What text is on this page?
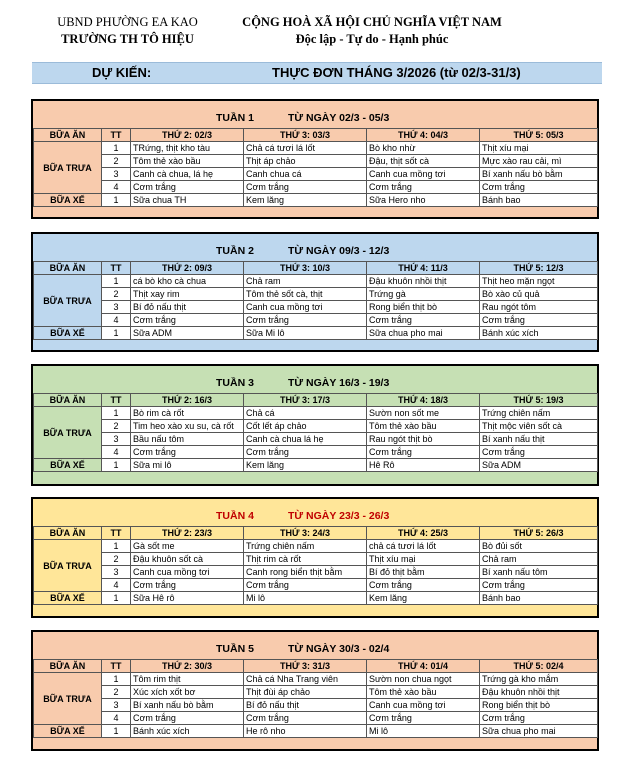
UBND PHƯỜNG EA KAO
TRƯỜNG TH TÔ HIỆU
CỘNG HOÀ XÃ HỘI CHỦ NGHĨA VIỆT NAM
Độc lập - Tự do - Hạnh phúc
DỰ KIẾN:	THỰC ĐƠN THÁNG 3/2026 (từ 02/3-31/3)
TUẦN 1	TỪ NGÀY 02/3 - 05/3
BỮA ĂN	TT	THỨ 2: 02/3	THỨ 3: 03/3	THỨ 4: 04/3	THỨ 5: 05/3
BỮA TRƯA	1	TRứng, thịt kho tàu	Chả cá tươi lá lốt	Bò kho nhừ	Thịt xíu mại
	2	Tôm thẻ xào bầu	Thịt áp chảo	Đậu, thịt sốt cà	Mực xào rau cải, mì
	3	Canh cà chua, lá hẹ	Canh chua cá	Canh cua mồng tơi	Bí xanh nấu bò bằm
	4	Cơm trắng	Cơm trắng	Cơm trắng	Cơm trắng
BỮA XẾ	1	Sữa chua TH	Kem lăng	Sữa Hero nho	Bánh bao
TUẦN 2	TỪ NGÀY 09/3 - 12/3
BỮA ĂN	TT	THỨ 2: 09/3	THỨ 3: 10/3	THỨ 4: 11/3	THỨ 5: 12/3
BỮA TRƯA	1	cá bò kho cà chua	Chả ram	Đậu khuôn nhồi thịt	Thịt heo mặn ngọt
	2	Thịt xay rim	Tôm thẻ sốt cà, thịt	Trứng gà	Bò xào củ quả
	3	Bí đỏ nấu thịt	Canh cua mồng tơi	Rong biển thịt bò	Rau ngót tôm
	4	Cơm trắng	Cơm trắng	Cơm trắng	Cơm trắng
BỮA XẾ	1	Sữa ADM	Sữa Mi lô	Sữa chua pho mai	Bánh xúc xích
TUẦN 3	TỪ NGÀY 16/3 - 19/3
BỮA ĂN	TT	THỨ 2: 16/3	THỨ 3: 17/3	THỨ 4: 18/3	THỨ 5: 19/3
BỮA TRƯA	1	Bò rim cà rốt	Chả cá	Sườn non sốt me	Trứng chiên nấm
	2	Tim heo xào xu su, cà rốt	Cốt lết áp chảo	Tôm thẻ xào bầu	Thịt mộc viên sốt cà
	3	Bầu nấu tôm	Canh cà chua lá hẹ	Rau ngót thịt bò	Bí xanh nấu thịt
	4	Cơm trắng	Cơm trắng	Cơm trắng	Cơm trắng
BỮA XẾ	1	Sữa mi lô	Kem lăng	Hê Rô	Sữa ADM
TUẦN 4	TỪ NGÀY 23/3 - 26/3
BỮA ĂN	TT	THỨ 2: 23/3	THỨ 3: 24/3	THỨ 4: 25/3	THỨ 5: 26/3
BỮA TRƯA	1	Gà sốt me	Trứng chiên nấm	chả cá tươi lá lốt	Bò đủi sốt
	2	Đậu khuôn sốt cà	Thịt rim cà rốt	Thịt xíu mại	Chả ram
	3	Canh cua mồng tơi	Canh rong biển thịt bằm	Bí đỏ thịt bằm	Bí xanh nấu tôm
	4	Cơm trắng	Cơm trắng	Cơm trắng	Cơm trắng
BỮA XẾ	1	Sữa Hê rô	Mi lô	Kem lăng	Bánh bao
TUẦN 5	TỪ NGÀY 30/3 - 02/4
BỮA ĂN	TT	THỨ 2: 30/3	THỨ 3: 31/3	THỨ 4: 01/4	THỨ 5: 02/4
BỮA TRƯA	1	Tôm rim thịt	Chả cá Nha Trang viên	Sườn non chua ngọt	Trứng gà kho mắm
	2	Xúc xích xốt bơ	Thịt đùi áp chảo	Tôm thẻ xào bầu	Đậu khuôn nhồi thịt
	3	Bí xanh nấu bò bằm	Bí đỏ nấu thịt	Canh cua mồng tơi	Rong biển thịt bò
	4	Cơm trắng	Cơm trắng	Cơm trắng	Cơm trắng
BỮA XẾ	1	Bánh xúc xích	He rô nho	Mi lô	Sữa chua pho mai
